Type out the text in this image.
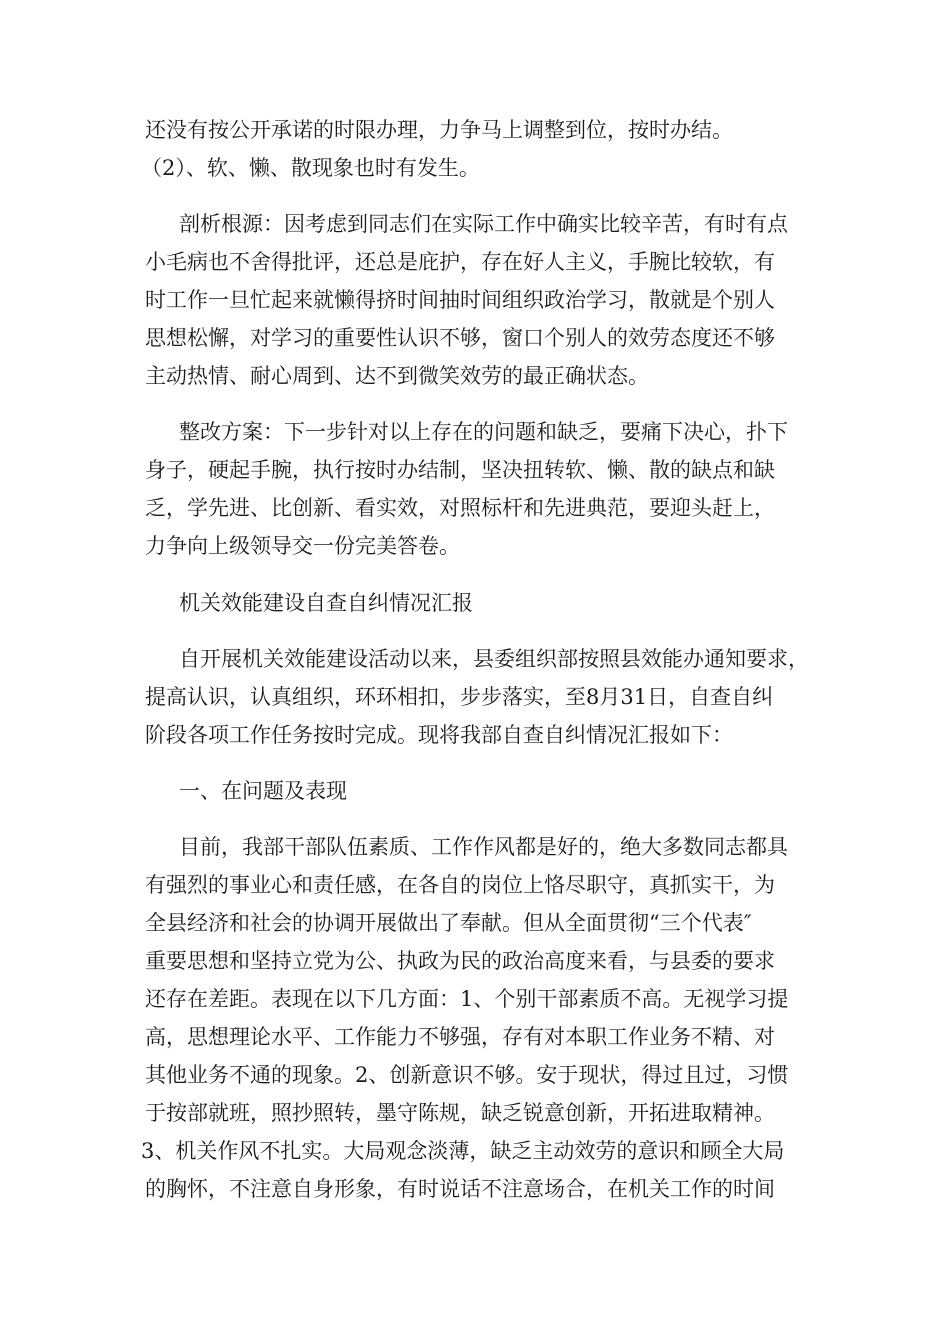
还没有按公开承诺的时限办理，力争马上调整到位，按时办结。

（2）、软、懒、散现象也时有发生。

剖析根源：因考虑到同志们在实际工作中确实比较辛苦，有时有点

小毛病也不舍得批评，还总是庇护，存在好人主义，手腕比较软，有

时工作一旦忙起来就懒得挤时间抽时间组织政治学习，散就是个别人

思想松懈，对学习的重要性认识不够，窗口个别人的效劳态度还不够

主动热情、耐心周到、达不到微笑效劳的最正确状态。

整改方案：下一步针对以上存在的问题和缺乏，要痛下决心，扑下

身子，硬起手腕，执行按时办结制，坚决扭转软、懒、散的缺点和缺

乏，学先进、比创新、看实效，对照标杆和先进典范，要迎头赶上，

力争向上级领导交一份完美答卷。

机关效能建设自查自纠情况汇报

自开展机关效能建设活动以来，县委组织部按照县效能办通知要求，

提高认识，认真组织，环环相扣，步步落实，至8月31日，自查自纠

阶段各项工作任务按时完成。现将我部自查自纠情况汇报如下：

一、在问题及表现

目前，我部干部队伍素质、工作作风都是好的，绝大多数同志都具

有强烈的事业心和责任感，在各自的岗位上恪尽职守，真抓实干，为

全县经济和社会的协调开展做出了奉献。但从全面贯彻“三个代表″

重要思想和坚持立党为公、执政为民的政治高度来看，与县委的要求

还存在差距。表现在以下几方面：1、个别干部素质不高。无视学习提

高，思想理论水平、工作能力不够强，存有对本职工作业务不精、对

其他业务不通的现象。2、创新意识不够。安于现状，得过且过，习惯

于按部就班，照抄照转，墨守陈规，缺乏锐意创新，开拓进取精神。

3、机关作风不扎实。大局观念淡薄，缺乏主动效劳的意识和顾全大局

的胸怀，不注意自身形象，有时说话不注意场合，在机关工作的时间
